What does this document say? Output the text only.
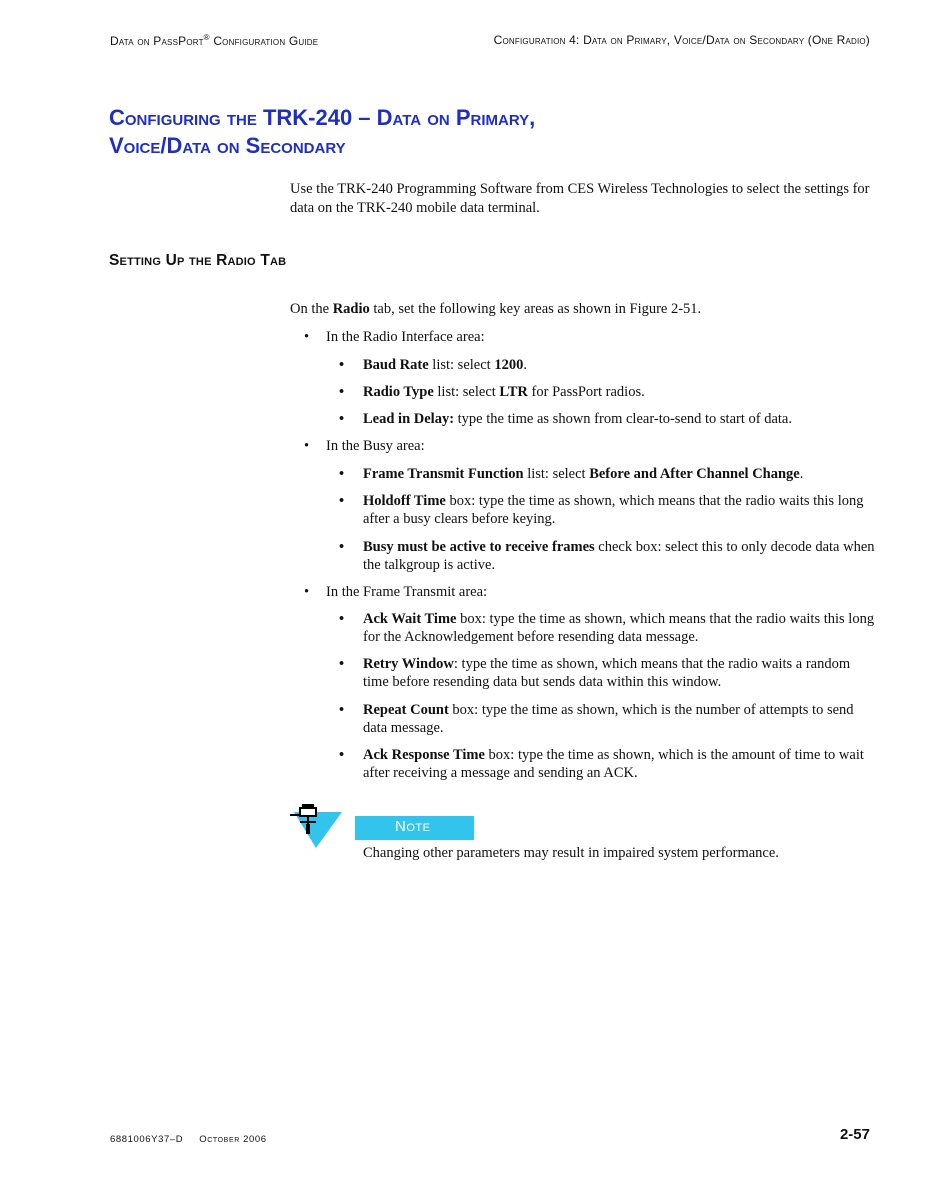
Data on PassPort® Configuration Guide	Configuration 4: Data on Primary, Voice/Data on Secondary (One Radio)
Configuring the TRK-240 – Data on Primary,
Voice/Data on Secondary

Use the TRK-240 Programming Software from CES Wireless Technologies to select the settings for data on the TRK-240 mobile data terminal.

Setting Up the Radio Tab

On the Radio tab, set the following key areas as shown in Figure 2-51.

• In the Radio Interface area:
• Baud Rate list: select 1200.
• Radio Type list: select LTR for PassPort radios.
• Lead in Delay: type the time as shown from clear-to-send to start of data.
• In the Busy area:
• Frame Transmit Function list: select Before and After Channel Change.
• Holdoff Time box: type the time as shown, which means that the radio waits this long after a busy clears before keying.
• Busy must be active to receive frames check box: select this to only decode data when the talkgroup is active.
• In the Frame Transmit area:
• Ack Wait Time box: type the time as shown, which means that the radio waits this long for the Acknowledgement before resending data message.
• Retry Window: type the time as shown, which means that the radio waits a random time before resending data but sends data within this window.
• Repeat Count box: type the time as shown, which is the number of attempts to send data message.
• Ack Response Time box: type the time as shown, which is the amount of time to wait after receiving a message and sending an ACK.
Note
Changing other parameters may result in impaired system performance.
6881006Y37–D October 2006	2-57
